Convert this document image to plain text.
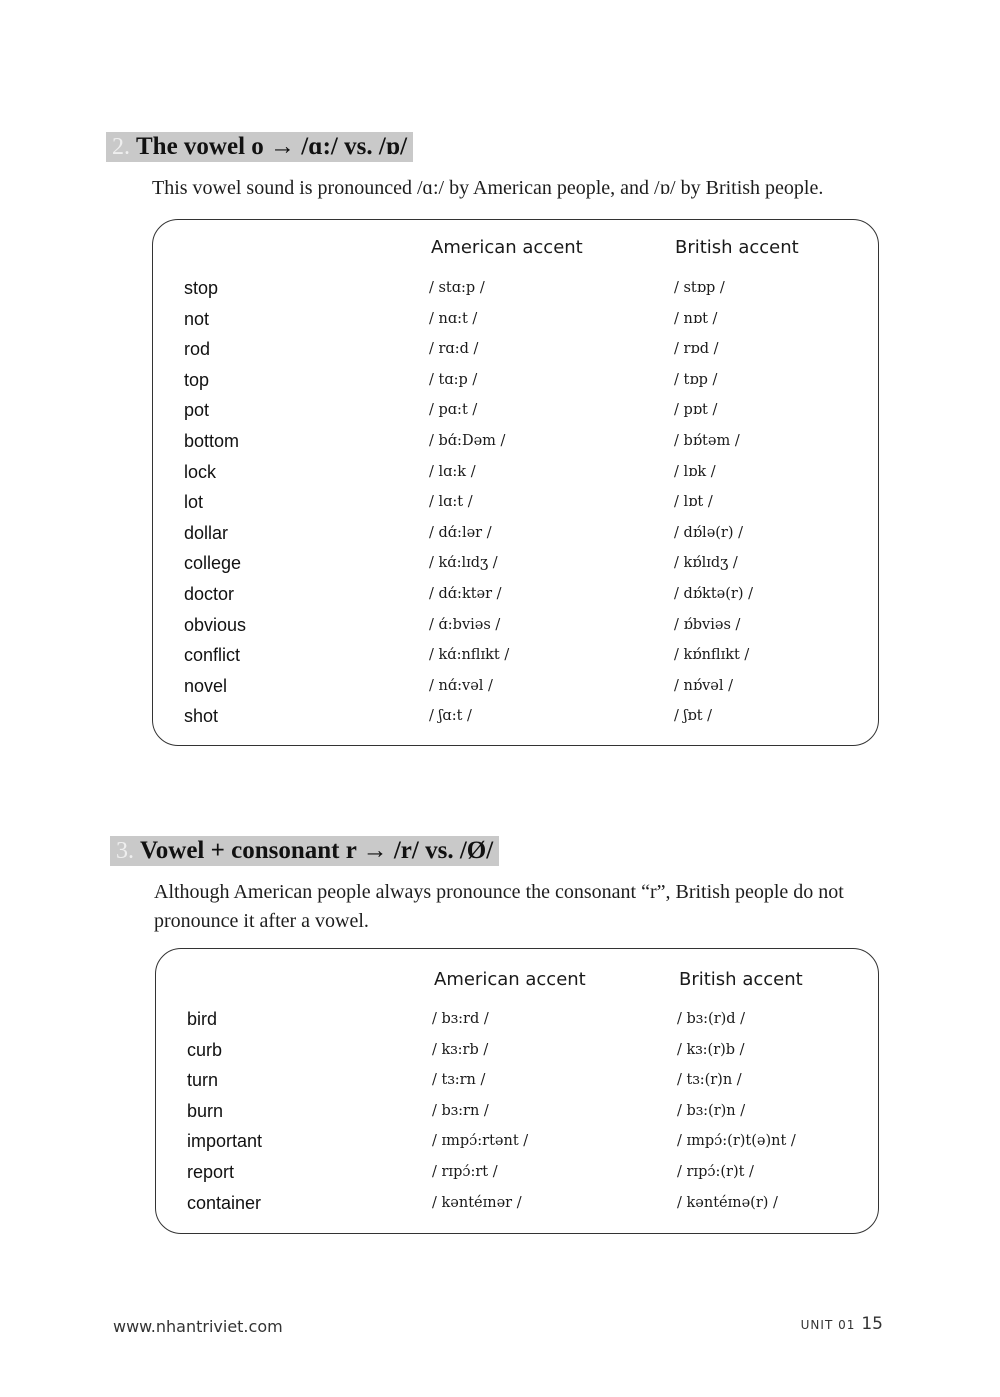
2. The vowel o → /ɑ:/ vs. /ɒ/
This vowel sound is pronounced /ɑ:/ by American people, and /ɒ/ by British people.
American accent	British accent
stop	/ stɑ:p /	/ stɒp /
not	/ nɑ:t /	/ nɒt /
rod	/ rɑ:d /	/ rɒd /
top	/ tɑ:p /	/ tɒp /
pot	/ pɑ:t /	/ pɒt /
bottom	/ bɑ́:Dəm /	/ bɒ́təm /
lock	/ lɑ:k /	/ lɒk /
lot	/ lɑ:t /	/ lɒt /
dollar	/ dɑ́:lər /	/ dɒ́lə(r) /
college	/ kɑ́:lɪdʒ /	/ kɒ́lɪdʒ /
doctor	/ dɑ́:ktər /	/ dɒ́ktə(r) /
obvious	/ ɑ́:bviəs /	/ ɒ́bviəs /
conflict	/ kɑ́:nflɪkt /	/ kɒ́nflɪkt /
novel	/ nɑ́:vəl /	/ nɒ́vəl /
shot	/ ʃɑ:t /	/ ʃɒt /
3. Vowel + consonant r → /r/ vs. /Ø/
Although American people always pronounce the consonant “r”, British people do not
pronounce it after a vowel.
American accent	British accent
bird	/ bɜ:rd /	/ bɜ:(r)d /
curb	/ kɜ:rb /	/ kɜ:(r)b /
turn	/ tɜ:rn /	/ tɜ:(r)n /
burn	/ bɜ:rn /	/ bɜ:(r)n /
important	/ ɪmpɔ́:rtənt /	/ ɪmpɔ́:(r)t(ə)nt /
report	/ rɪpɔ́:rt /	/ rɪpɔ́:(r)t /
container	/ kəntéɪnər /	/ kəntéɪnə(r) /
www.nhantriviet.com	UNIT 01 15
